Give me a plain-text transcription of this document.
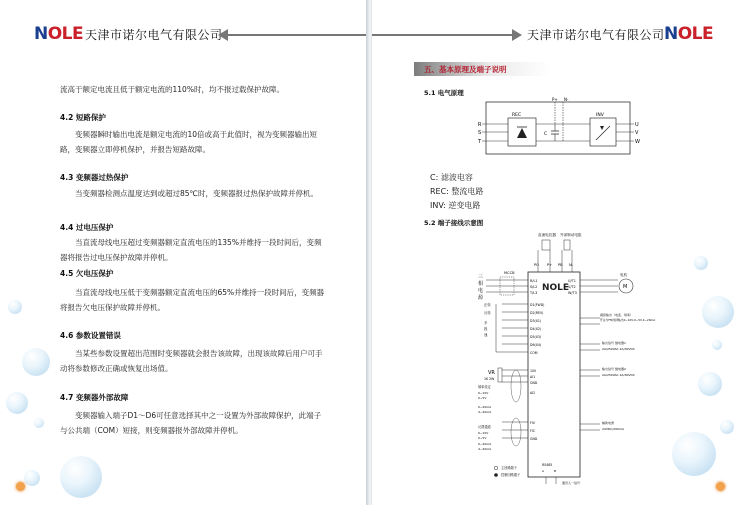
NOLE 天津市诺尔电气有限公司
流高于额定电流且低于额定电流的110%时，均不报过载保护故障。
4.2 短路保护
变频器瞬时输出电流是额定电流的10倍或高于此值时，视为变频器输出短路，变频器立即停机保护，并报告短路故障。
4.3 变频器过热保护
当变频器检测点温度达到或超过85℃时，变频器报过热保护故障并停机。
4.4 过电压保护
当直流母线电压超过变频器额定直流电压的135%并维持一段时间后，变频器将报告过电压保护故障并停机。
4.5 欠电压保护
当直流母线电压低于变频器额定直流电压的65%并维持一段时间后，变频器将报告欠电压保护故障并停机。
4.6 参数设置错误
当某些参数设置超出范围时变频器就会报告该故障，出现该故障后用户可手动将参数修改正确或恢复出场值。
4.7 变频器外部故障
变频器输入端子D1～D6可任意选择其中之一设置为外部故障保护，此端子与公共端（COM）短接，则变频器报外部故障并停机。
天津市诺尔电气有限公司 NOLE
五、基本原理及端子说明
5.1 电气原理
R
S
T
REC
P+ N-
C
INV
U
V
W
C: 滤波电容
REC: 整流电路
INV: 逆变电路
5.2 端子接线示意图
直流电抗器 外部制动电阻
PO P+ PB N-
三
相
电
源
MCCB
R/L1
S/L2
T/L3 NOLE
U/T1
V/T2
W/T3
M
电机
D1(FWD)
D2(REV)
D3(X1)
D4(X2)
D5(X3)
D6(X4)
COM
正转
反转
多
段
速
模拟输出（电流、频率）
开关与FM选择输出0~10V,0~5V,4~20mA
输出信号 继电器1
2A/250VAC 2A/30VDC
输出信号 继电器2
2A/250VAC 2A/30VDC
辅助电源
24VDC/200mA
VR
1K 2W
10V
AI1
GND
AI2
FIV
FIC
GND
频率设定
0~10V
0~5V
0~20mA
4~20mA
反馈通道
0~10V
0~5V
0~20mA
4~20mA
A	B
RS485
通讯入一信号
主回路端子
控制回路端子
